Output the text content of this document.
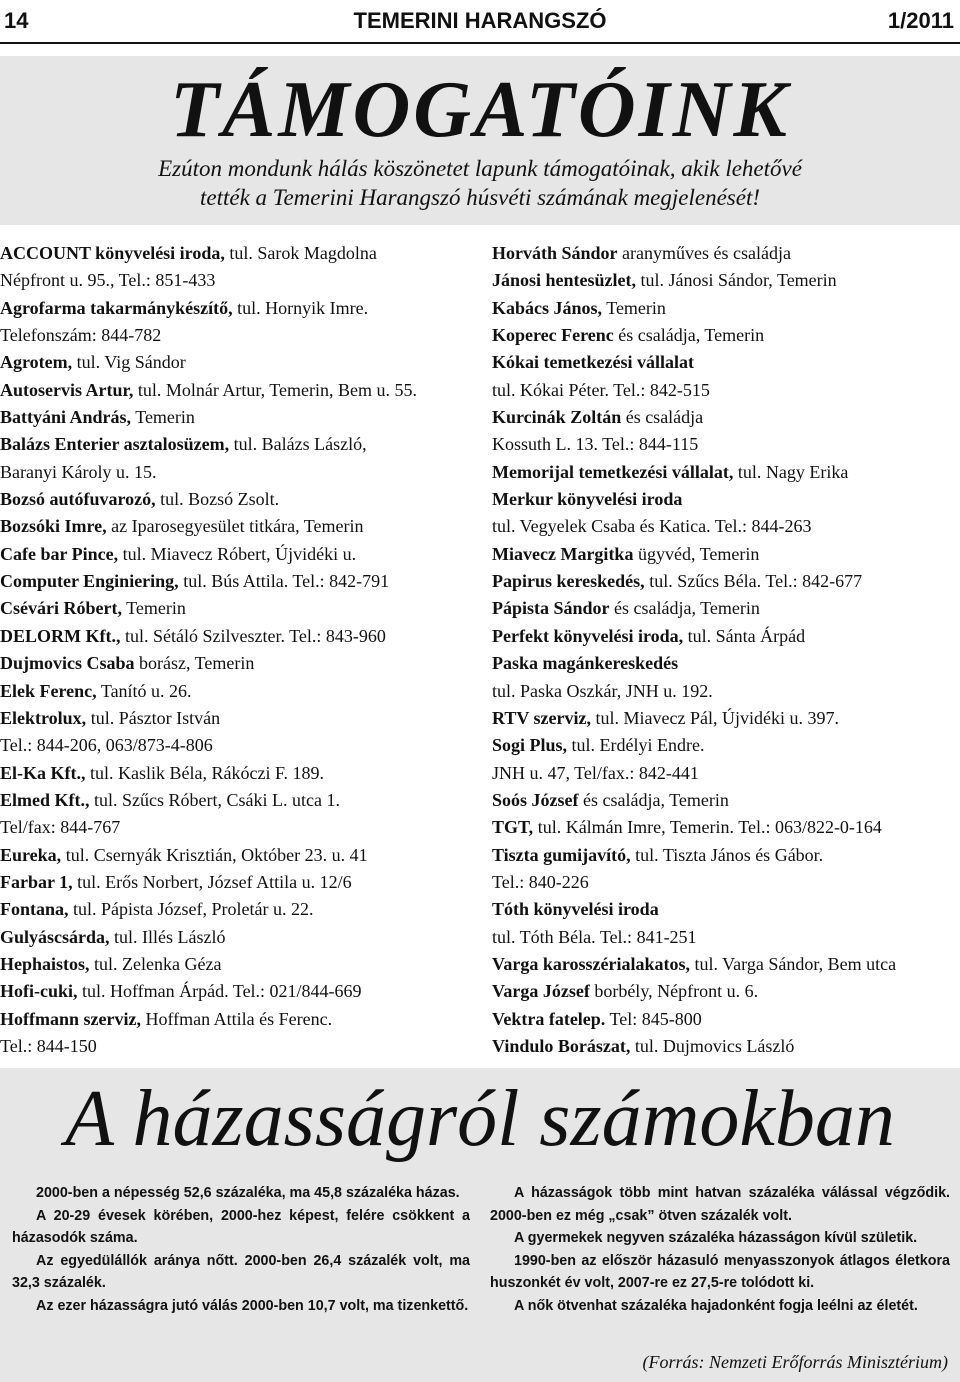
14	TEMERINI HARANGSZÓ	1/2011
TÁMOGATÓINK
Ezúton mondunk hálás köszönetet lapunk támogatóinak, akik lehetővé
tették a Temerini Harangszó húsvéti számának megjelenését!
ACCOUNT könyvelési iroda, tul. Sarok Magdolna
Népfront u. 95., Tel.: 851-433
Agrofarma takarmánykészítő, tul. Hornyik Imre.
Telefonszám: 844-782
Agrotem, tul. Vig Sándor
Autoservis Artur, tul. Molnár Artur, Temerin, Bem u. 55.
Battyáni András, Temerin
Balázs Enterier asztalosüzem, tul. Balázs László,
Baranyi Károly u. 15.
Bozsó autófuvarozó, tul. Bozsó Zsolt.
Bozsóki Imre, az Iparosegyesület titkára, Temerin
Cafe bar Pince, tul. Miavecz Róbert, Újvidéki u.
Computer Enginiering, tul. Bús Attila. Tel.: 842-791
Csévári Róbert, Temerin
DELORM Kft., tul. Sétáló Szilveszter. Tel.: 843-960
Dujmovics Csaba borász, Temerin
Elek Ferenc, Tanító u. 26.
Elektrolux, tul. Pásztor István
Tel.: 844-206, 063/873-4-806
El-Ka Kft., tul. Kaslik Béla, Rákóczi F. 189.
Elmed Kft., tul. Szűcs Róbert, Csáki L. utca 1.
Tel/fax: 844-767
Eureka, tul. Csernyák Krisztián, Október 23. u. 41
Farbar 1, tul. Erős Norbert, József Attila u. 12/6
Fontana, tul. Pápista József, Proletár u. 22.
Gulyáscsárda, tul. Illés László
Hephaistos, tul. Zelenka Géza
Hofi-cuki, tul. Hoffman Árpád. Tel.: 021/844-669
Hoffmann szerviz, Hoffman Attila és Ferenc.
Tel.: 844-150
Horváth Sándor aranyműves és családja
Jánosi hentesüzlet, tul. Jánosi Sándor, Temerin
Kabács János, Temerin
Koperec Ferenc és családja, Temerin
Kókai temetkezési vállalat
tul. Kókai Péter. Tel.: 842-515
Kurcinák Zoltán és családja
Kossuth L. 13. Tel.: 844-115
Memorijal temetkezési vállalat, tul. Nagy Erika
Merkur könyvelési iroda
tul. Vegyelek Csaba és Katica. Tel.: 844-263
Miavecz Margitka ügyvéd, Temerin
Papirus kereskedés, tul. Szűcs Béla. Tel.: 842-677
Pápista Sándor és családja, Temerin
Perfekt könyvelési iroda, tul. Sánta Árpád
Paska magánkereskedés
tul. Paska Oszkár, JNH u. 192.
RTV szerviz, tul. Miavecz Pál, Újvidéki u. 397.
Sogi Plus, tul. Erdélyi Endre.
JNH u. 47, Tel/fax.: 842-441
Soós József és családja, Temerin
TGT, tul. Kálmán Imre, Temerin. Tel.: 063/822-0-164
Tiszta gumijavító, tul. Tiszta János és Gábor.
Tel.: 840-226
Tóth könyvelési iroda
tul. Tóth Béla. Tel.: 841-251
Varga karosszérialakatos, tul. Varga Sándor, Bem utca
Varga József borbély, Népfront u. 6.
Vektra fatelep. Tel: 845-800
Vindulo Borászat, tul. Dujmovics László
A házasságról számokban

2000-ben a népesség 52,6 százaléka, ma 45,8 százaléka házas.

A 20-29 évesek körében, 2000-hez képest, felére csökkent a házasodók száma.

Az egyedülállók aránya nőtt. 2000-ben 26,4 százalék volt, ma 32,3 százalék.

Az ezer házasságra jutó válás 2000-ben 10,7 volt, ma tizenkettő.

A házasságok több mint hatvan százaléka válással végződik. 2000-ben ez még „csak” ötven százalék volt.

A gyermekek negyven százaléka házasságon kívül születik.

1990-ben az először házasuló menyasszonyok átlagos életkora huszonkét év volt, 2007-re ez 27,5-re tolódott ki.

A nők ötvenhat százaléka hajadonként fogja leélni az életét.

(Forrás: Nemzeti Erőforrás Minisztérium)
